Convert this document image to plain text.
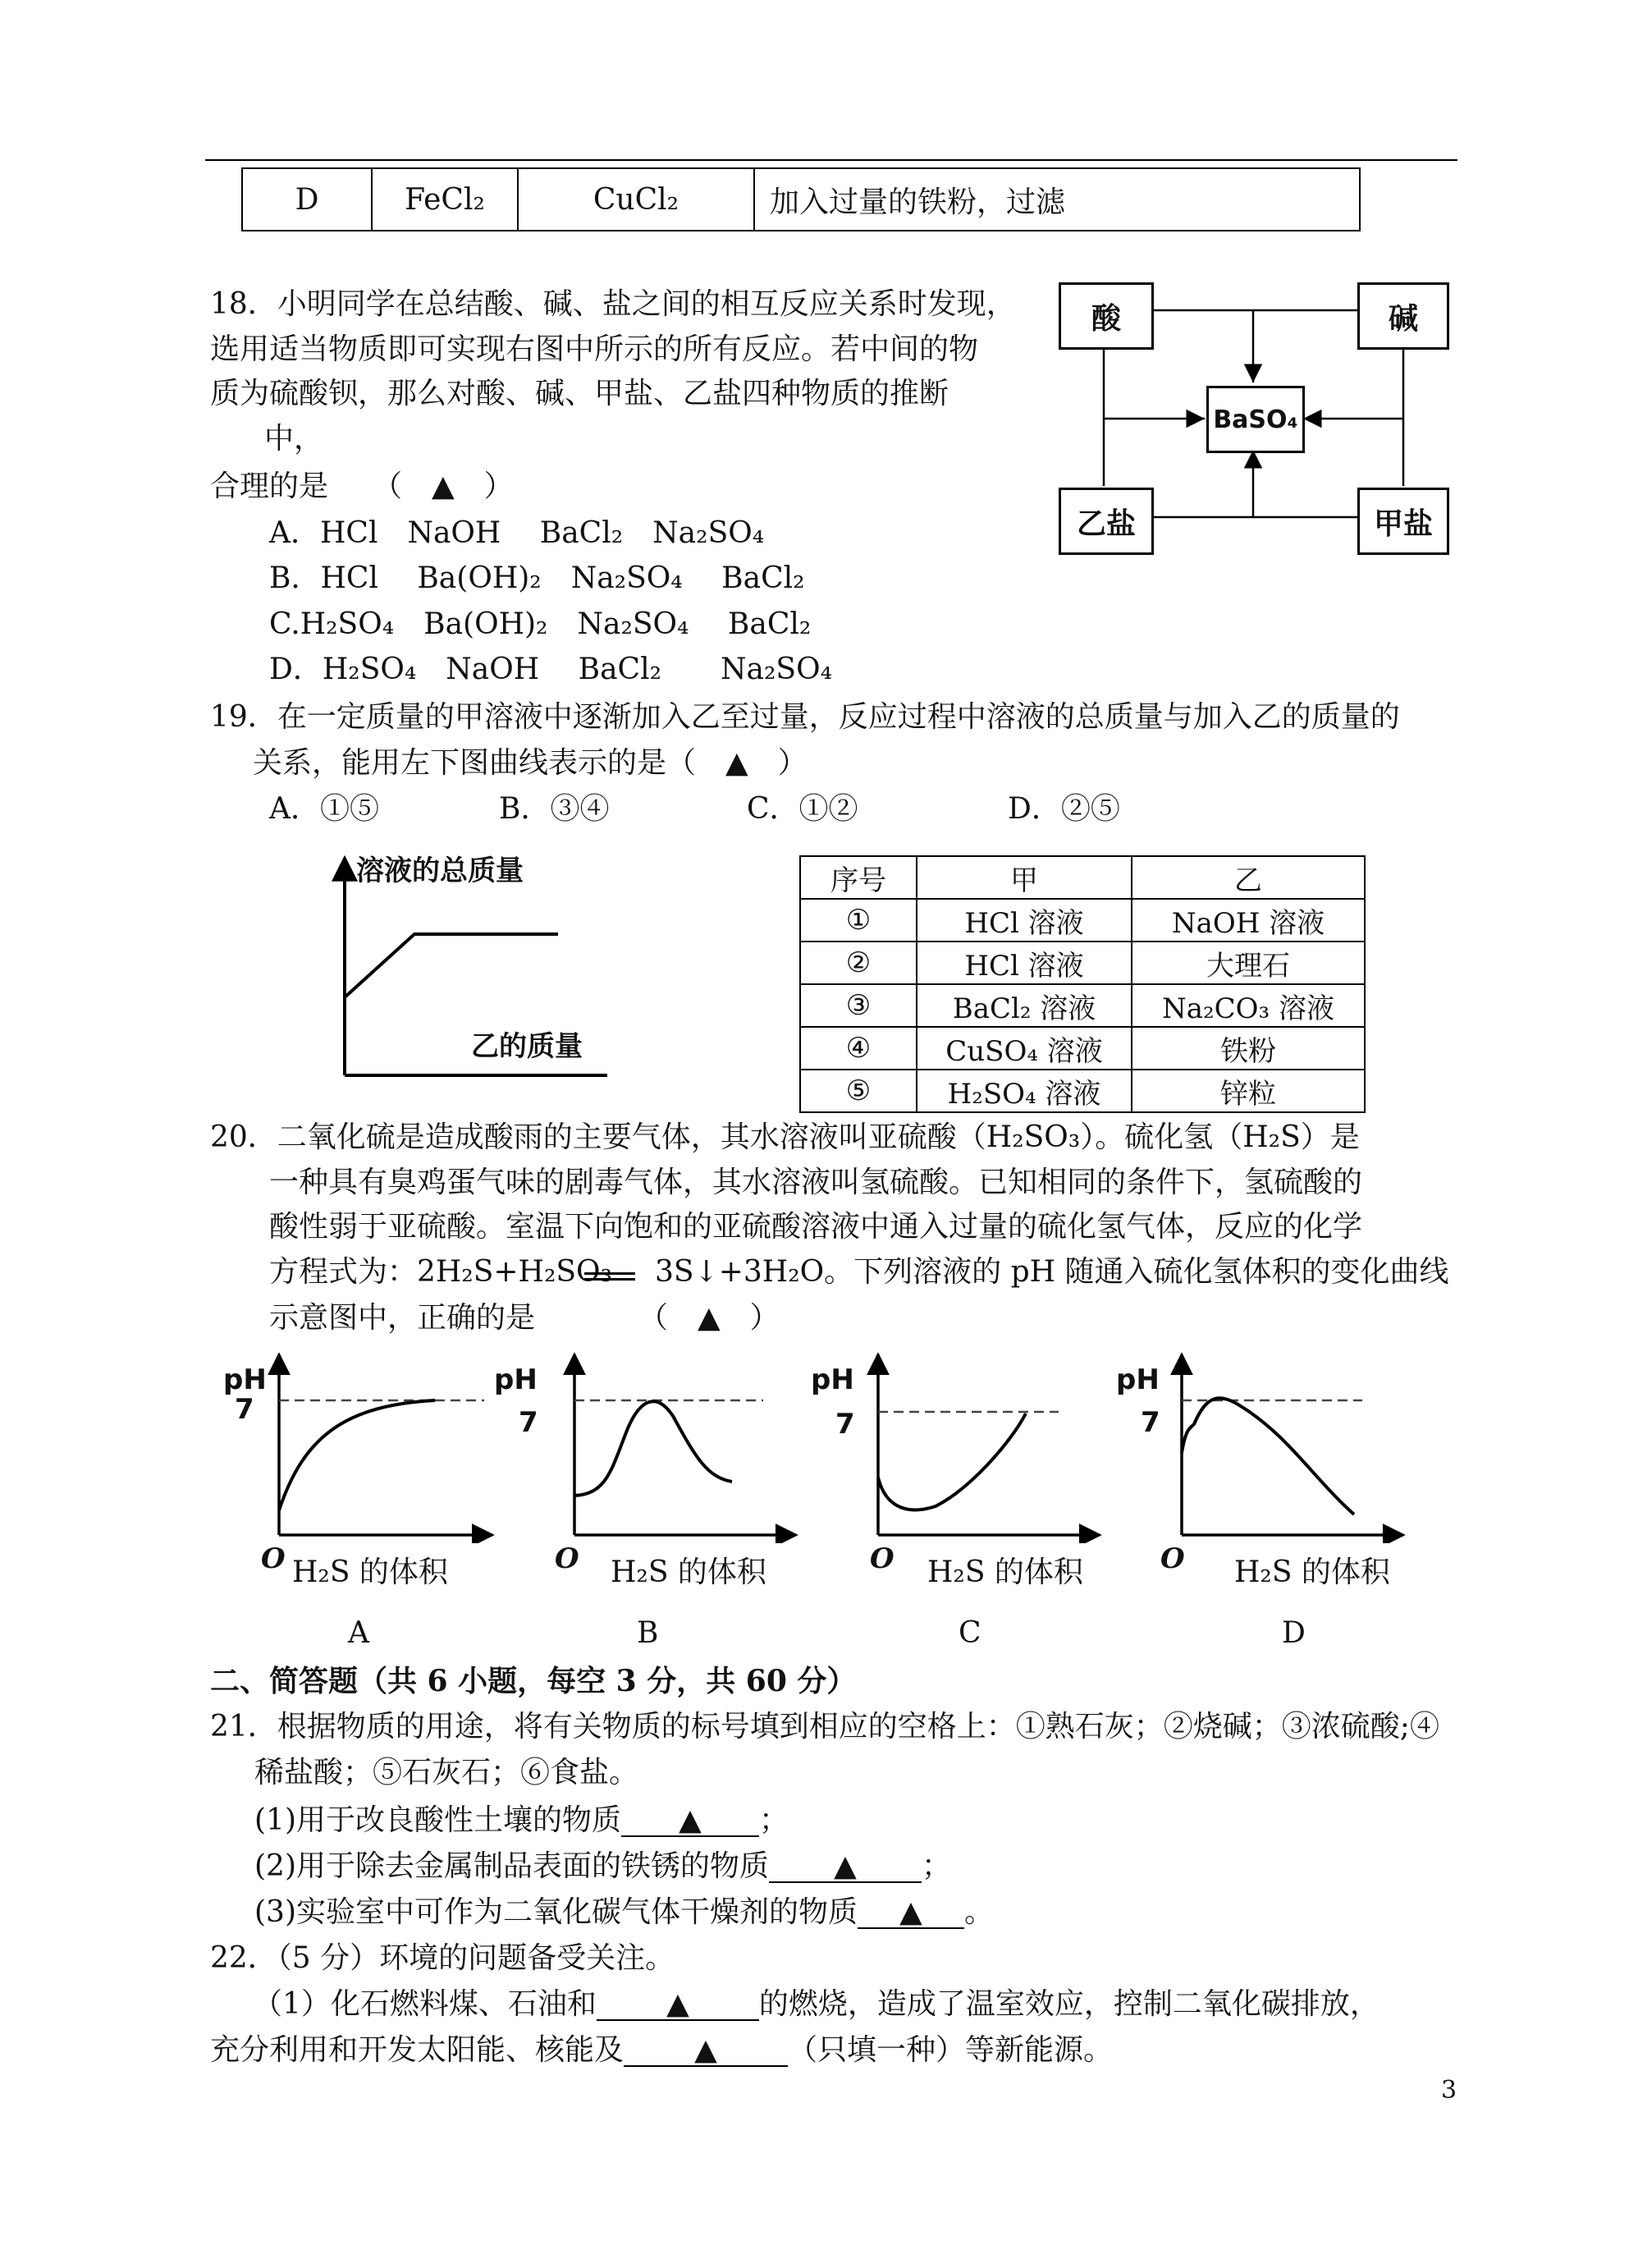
D	FeCl₂	CuCl₂	加入过量的铁粉，过滤
18．小明同学在总结酸、碱、盐之间的相互反应关系时发现，
选用适当物质即可实现右图中所示的所有反应。若中间的物
质为硫酸钡，那么对酸、碱、甲盐、乙盐四种物质的推断
中，
合理的是　　（　▲　）
A．HCl　NaOH　 BaCl₂　Na₂SO₄
B．HCl　 Ba(OH)₂　Na₂SO₄　 BaCl₂
C.H₂SO₄　Ba(OH)₂　Na₂SO₄　 BaCl₂
D．H₂SO₄　NaOH　 BaCl₂　　Na₂SO₄
酸	碱
BaSO₄
乙盐	甲盐
19．在一定质量的甲溶液中逐渐加入乙至过量，反应过程中溶液的总质量与加入乙的质量的
关系，能用左下图曲线表示的是（　▲　）
A．①⑤	B．③④	C．①②	D．②⑤
溶液的总质量
乙的质量
序号	甲	乙
①	HCl 溶液	NaOH 溶液
②	HCl 溶液	大理石
③	BaCl₂ 溶液	Na₂CO₃ 溶液
④	CuSO₄ 溶液	铁粉
⑤	H₂SO₄ 溶液	锌粒
20．二氧化硫是造成酸雨的主要气体，其水溶液叫亚硫酸（H₂SO₃）。硫化氢（H₂S）是
一种具有臭鸡蛋气味的剧毒气体，其水溶液叫氢硫酸。已知相同的条件下，氢硫酸的
酸性弱于亚硫酸。室温下向饱和的亚硫酸溶液中通入过量的硫化氢气体，反应的化学
方程式为：2H₂S+H₂SO₃ 3S↓+3H₂O。下列溶液的 pH 随通入硫化氢体积的变化曲线
示意图中，正确的是　　　　（　▲　）
pH
7
O H₂S 的体积
A
pH
7
O H₂S 的体积
B
pH
7
O H₂S 的体积
C
pH
7
O H₂S 的体积
D
二、简答题（共 6 小题，每空 3 分，共 60 分）
21．根据物质的用途，将有关物质的标号填到相应的空格上：①熟石灰；②烧碱；③浓硫酸;④
稀盐酸；⑤石灰石；⑥食盐。
(1)用于改良酸性土壤的物质 ▲ ；
(2)用于除去金属制品表面的铁锈的物质 ▲ ；
(3)实验室中可作为二氧化碳气体干燥剂的物质 ▲ 。
22．（5 分）环境的问题备受关注。
（1）化石燃料煤、石油和 ▲ 的燃烧，造成了温室效应，控制二氧化碳排放，
充分利用和开发太阳能、核能及 ▲ （只填一种）等新能源。
3
